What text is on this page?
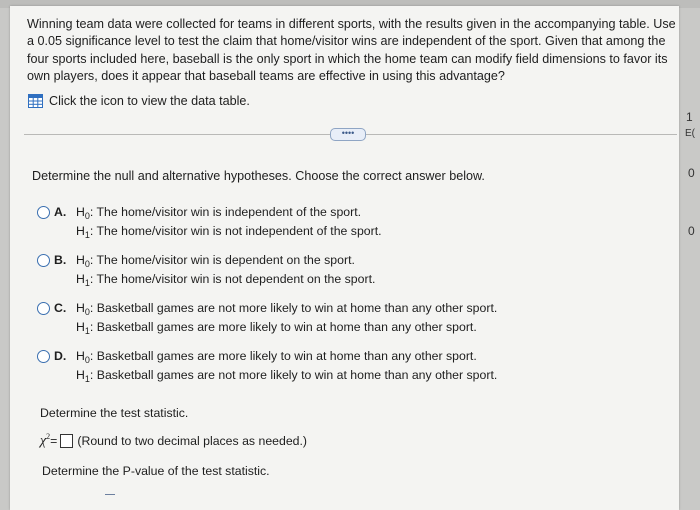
Winning team data were collected for teams in different sports, with the results given in the accompanying table. Use a 0.05 significance level to test the claim that home/visitor wins are independent of the sport. Given that among the four sports included here, baseball is the only sport in which the home team can modify field dimensions to favor its own players, does it appear that baseball teams are effective in using this advantage?
Click the icon to view the data table.
••••
Determine the null and alternative hypotheses. Choose the correct answer below.
A. $H_0$: The home/visitor win is independent of the sport.
$H_1$: The home/visitor win is not independent of the sport.
B. $H_0$: The home/visitor win is dependent on the sport.
$H_1$: The home/visitor win is not dependent on the sport.
C. $H_0$: Basketball games are not more likely to win at home than any other sport.
$H_1$: Basketball games are more likely to win at home than any other sport.
D. $H_0$: Basketball games are more likely to win at home than any other sport.
$H_1$: Basketball games are not more likely to win at home than any other sport.
Determine the test statistic.
$\chi^2$ = (Round to two decimal places as needed.)
Determine the P-value of the test statistic.
1
E(
0
0
